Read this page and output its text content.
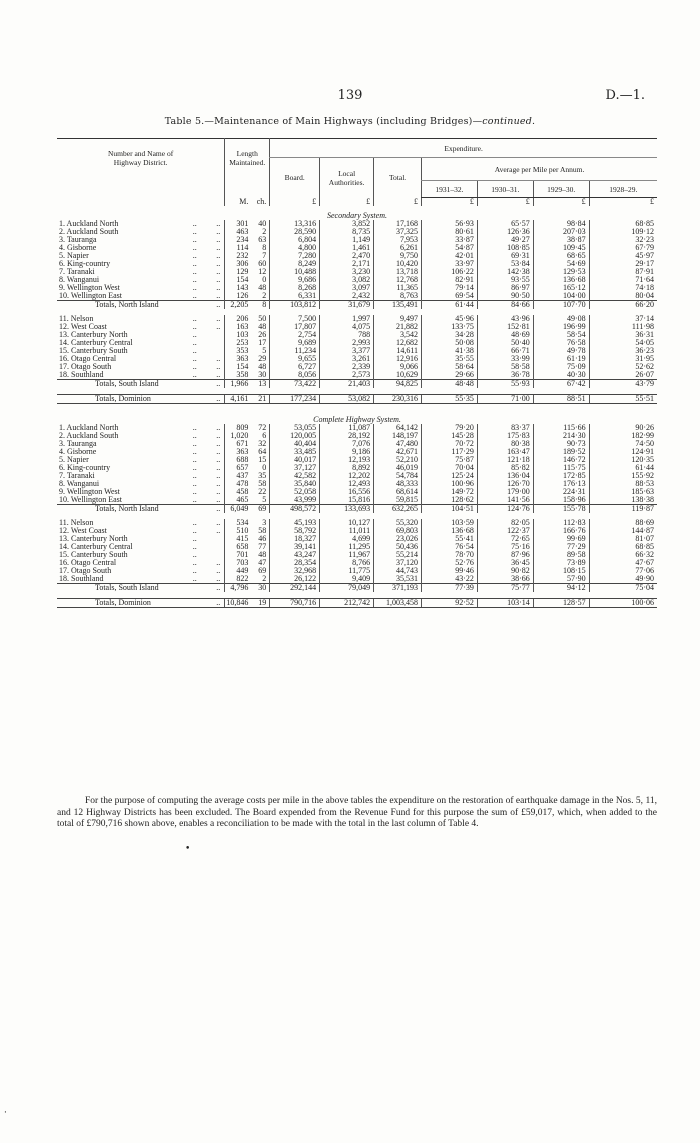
139	D.—1.
Table 5.—Maintenance of Main Highways (including Bridges)—continued.
Number and Name of Highway District.			Length Maintained.		Expenditure.						
					Board.	Local Authorities.	Total.	Average per Mile per Annum.			
								1931–32.	1930–31.	1929–30.	1928–29.
			M.	ch.	£	£	£	£	£	£	£
Secondary System.											
1. Auckland North	..	..	301	40	13,316	3,852	17,168	56·93	65·57	98·84	68·85
2. Auckland South	..	..	463	2	28,590	8,735	37,325	80·61	126·36	207·03	109·12
3. Tauranga	..	..	234	63	6,804	1,149	7,953	33·87	49·27	38·87	32·23
4. Gisborne	..	..	114	8	4,800	1,461	6,261	54·87	108·85	109·45	67·79
5. Napier	..	..	232	7	7,280	2,470	9,750	42·01	69·31	68·65	45·97
6. King-country	..	..	306	60	8,249	2,171	10,420	33·97	53·84	54·69	29·17
7. Taranaki	..	..	129	12	10,488	3,230	13,718	106·22	142·38	129·53	87·91
8. Wanganui	..	..	154	0	9,686	3,082	12,768	82·91	93·55	136·68	71·64
9. Wellington West	..	..	143	48	8,268	3,097	11,365	79·14	86·97	165·12	74·18
10. Wellington East	..	..	126	2	6,331	2,432	8,763	69·54	90·50	104·00	80·04
Totals, North Island		..	2,205	8	103,812	31,679	135,491	61·44	84·66	107·70	66·20

11. Nelson	..	..	206	50	7,500	1,997	9,497	45·96	43·96	49·08	37·14
12. West Coast	..	..	163	48	17,807	4,075	21,882	133·75	152·81	196·99	111·98
13. Canterbury North	..		103	26	2,754	788	3,542	34·28	48·69	58·54	36·31
14. Canterbury Central	..		253	17	9,689	2,993	12,682	50·08	50·40	76·58	54·05
15. Canterbury South	..		353	5	11,234	3,377	14,611	41·38	66·71	49·78	36·23
16. Otago Central	..	..	363	29	9,655	3,261	12,916	35·55	33·99	61·19	31·95
17. Otago South	..	..	154	48	6,727	2,339	9,066	58·64	58·58	75·09	52·62
18. Southland	..	..	358	30	8,056	2,573	10,629	29·66	36·78	40·30	26·07
Totals, South Island		..	1,966	13	73,422	21,403	94,825	48·48	55·93	67·42	43·79

Totals, Dominion		..	4,161	21	177,234	53,082	230,316	55·35	71·00	88·51	55·51

Complete Highway System.											
1. Auckland North	..	..	809	72	53,055	11,087	64,142	79·20	83·37	115·66	90·26
2. Auckland South	..	..	1,020	6	120,005	28,192	148,197	145·28	175·83	214·30	182·99
3. Tauranga	..	..	671	32	40,404	7,076	47,480	70·72	80·38	90·73	74·50
4. Gisborne	..	..	363	64	33,485	9,186	42,671	117·29	163·47	189·52	124·91
5. Napier	..	..	688	15	40,017	12,193	52,210	75·87	121·18	146·72	120·35
6. King-country	..	..	657	0	37,127	8,892	46,019	70·04	85·82	115·75	61·44
7. Taranaki	..	..	437	35	42,582	12,202	54,784	125·24	136·04	172·85	155·92
8. Wanganui	..	..	478	58	35,840	12,493	48,333	100·96	126·70	176·13	88·53
9. Wellington West	..	..	458	22	52,058	16,556	68,614	149·72	179·00	224·31	185·63
10. Wellington East	..	..	465	5	43,999	15,816	59,815	128·62	141·56	158·96	138·38
Totals, North Island		..	6,049	69	498,572	133,693	632,265	104·51	124·76	155·78	119·87

11. Nelson	..	..	534	3	45,193	10,127	55,320	103·59	82·05	112·83	88·69
12. West Coast	..	..	510	58	58,792	11,011	69,803	136·68	122·37	166·76	144·87
13. Canterbury North	..		415	46	18,327	4,699	23,026	55·41	72·65	99·69	81·07
14. Canterbury Central	..		658	77	39,141	11,295	50,436	76·54	75·16	77·29	68·85
15. Canterbury South	..		701	48	43,247	11,967	55,214	78·70	87·96	89·58	66·32
16. Otago Central	..	..	703	47	28,354	8,766	37,120	52·76	36·45	73·89	47·67
17. Otago South	..	..	449	69	32,968	11,775	44,743	99·46	90·82	108·15	77·06
18. Southland	..	..	822	2	26,122	9,409	35,531	43·22	38·66	57·90	49·90
Totals, South Island		..	4,796	30	292,144	79,049	371,193	77·39	75·77	94·12	75·04

Totals, Dominion		..	10,846	19	790,716	212,742	1,003,458	92·52	103·14	128·57	100·06

For the purpose of computing the average costs per mile in the above tables the expenditure on the restoration of earthquake damage in the Nos. 5, 11, and 12 Highway Districts has been excluded. The Board expended from the Revenue Fund for this purpose the sum of £59,017, which, when added to the total of £790,716 shown above, enables a reconciliation to be made with the total in the last column of Table 4.
•
·
